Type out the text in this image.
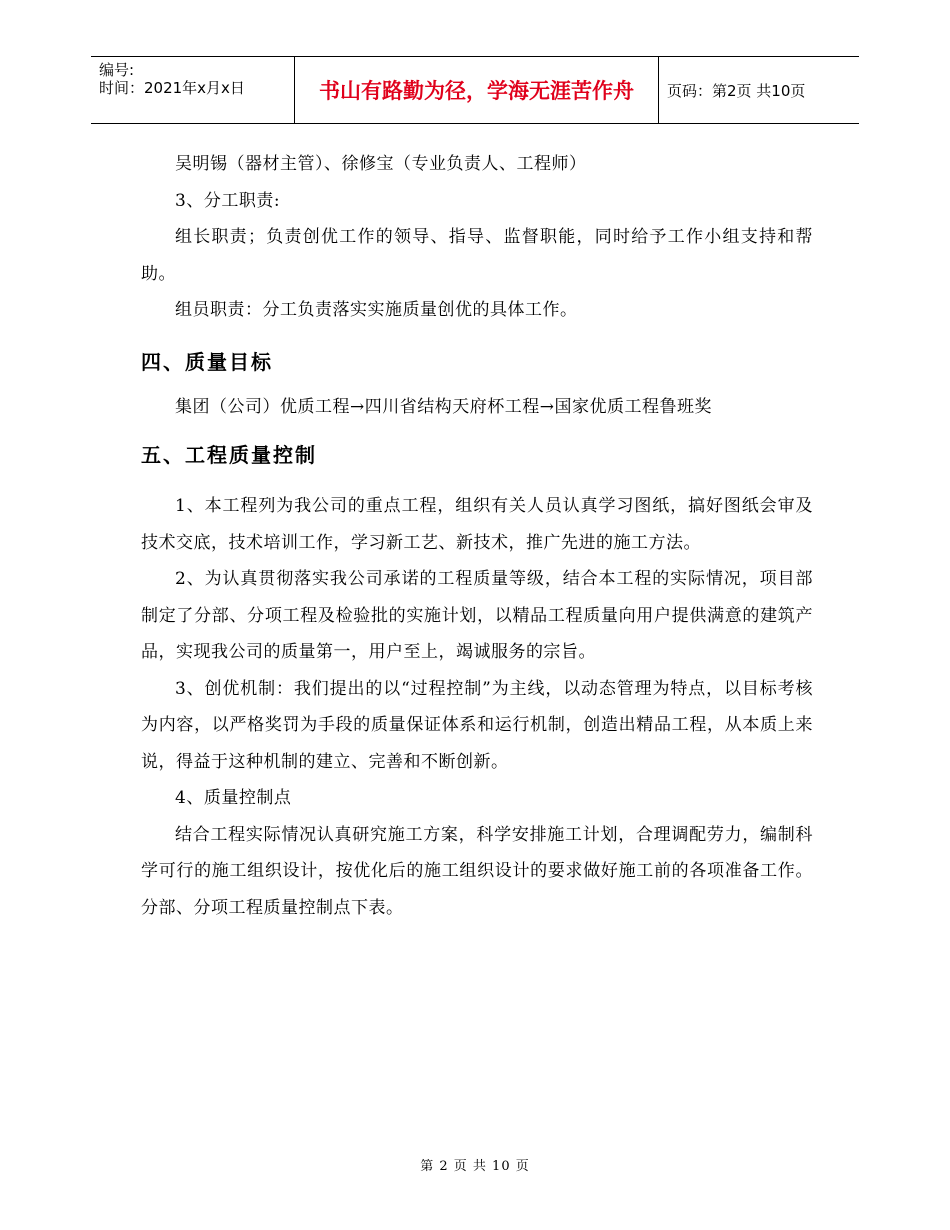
编号:
时间：2021年x月x日	书山有路勤为径，学海无涯苦作舟	页码：第2页 共10页

吴明锡（器材主管）、徐修宝（专业负责人、工程师）

3、分工职责:

组长职责；负责创优工作的领导、指导、监督职能，同时给予工作小组支持和帮助。

组员职责：分工负责落实实施质量创优的具体工作。

四、质量目标

集团（公司）优质工程→四川省结构天府杯工程→国家优质工程鲁班奖

五、工程质量控制

1、本工程列为我公司的重点工程，组织有关人员认真学习图纸，搞好图纸会审及技术交底，技术培训工作，学习新工艺、新技术，推广先进的施工方法。

2、为认真贯彻落实我公司承诺的工程质量等级，结合本工程的实际情况，项目部制定了分部、分项工程及检验批的实施计划，以精品工程质量向用户提供满意的建筑产品，实现我公司的质量第一，用户至上，竭诚服务的宗旨。

3、创优机制：我们提出的以“过程控制”为主线，以动态管理为特点，以目标考核为内容，以严格奖罚为手段的质量保证体系和运行机制，创造出精品工程，从本质上来说，得益于这种机制的建立、完善和不断创新。

4、质量控制点

结合工程实际情况认真研究施工方案，科学安排施工计划，合理调配劳力，编制科学可行的施工组织设计，按优化后的施工组织设计的要求做好施工前的各项准备工作。分部、分项工程质量控制点下表。

第 2 页 共 10 页
